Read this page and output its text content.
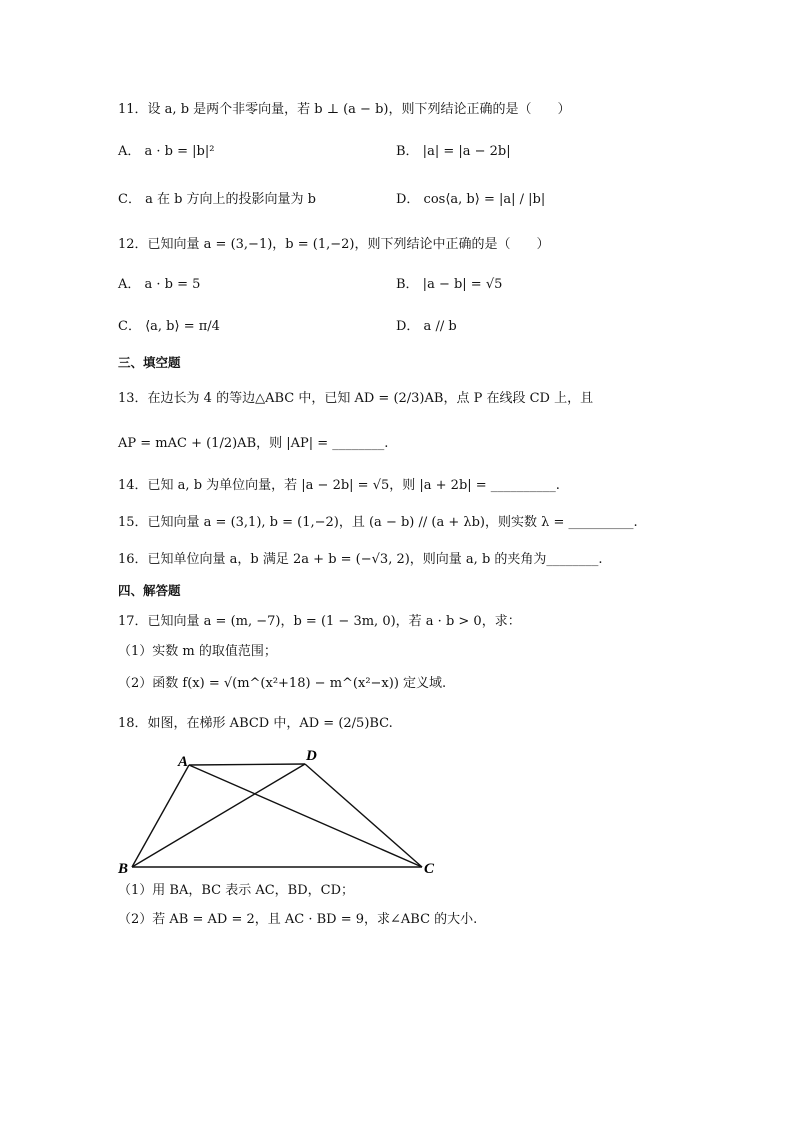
11．设 a, b 是两个非零向量，若 b ⊥ (a − b)，则下列结论正确的是（　　）
A． a · b = |b|²	B． |a| = |a − 2b|
C． a 在 b 方向上的投影向量为 b	D． cos⟨a, b⟩ = |a| / |b|
12．已知向量 a = (3,−1)，b = (1,−2)，则下列结论中正确的是（　　）
A． a · b = 5	B． |a − b| = √5
C． ⟨a, b⟩ = π/4	D． a // b
三、填空题
13．在边长为 4 的等边△ABC 中，已知 AD = (2/3)AB，点 P 在线段 CD 上，且
AP = mAC + (1/2)AB，则 |AP| = ________.
14．已知 a, b 为单位向量，若 |a − 2b| = √5，则 |a + 2b| = __________.
15．已知向量 a = (3,1), b = (1,−2)，且 (a − b) // (a + λb)，则实数 λ = __________.
16．已知单位向量 a，b 满足 2a + b = (−√3, 2)，则向量 a, b 的夹角为________.
四、解答题
17．已知向量 a = (m, −7)，b = (1 − 3m, 0)，若 a · b > 0，求：
（1）实数 m 的取值范围；
（2）函数 f(x) = √(m^(x²+18) − m^(x²−x)) 定义域.
18．如图，在梯形 ABCD 中，AD = (2/5)BC.
A	D
B	C
（1）用 BA，BC 表示 AC，BD，CD；
（2）若 AB = AD = 2，且 AC · BD = 9，求∠ABC 的大小.
